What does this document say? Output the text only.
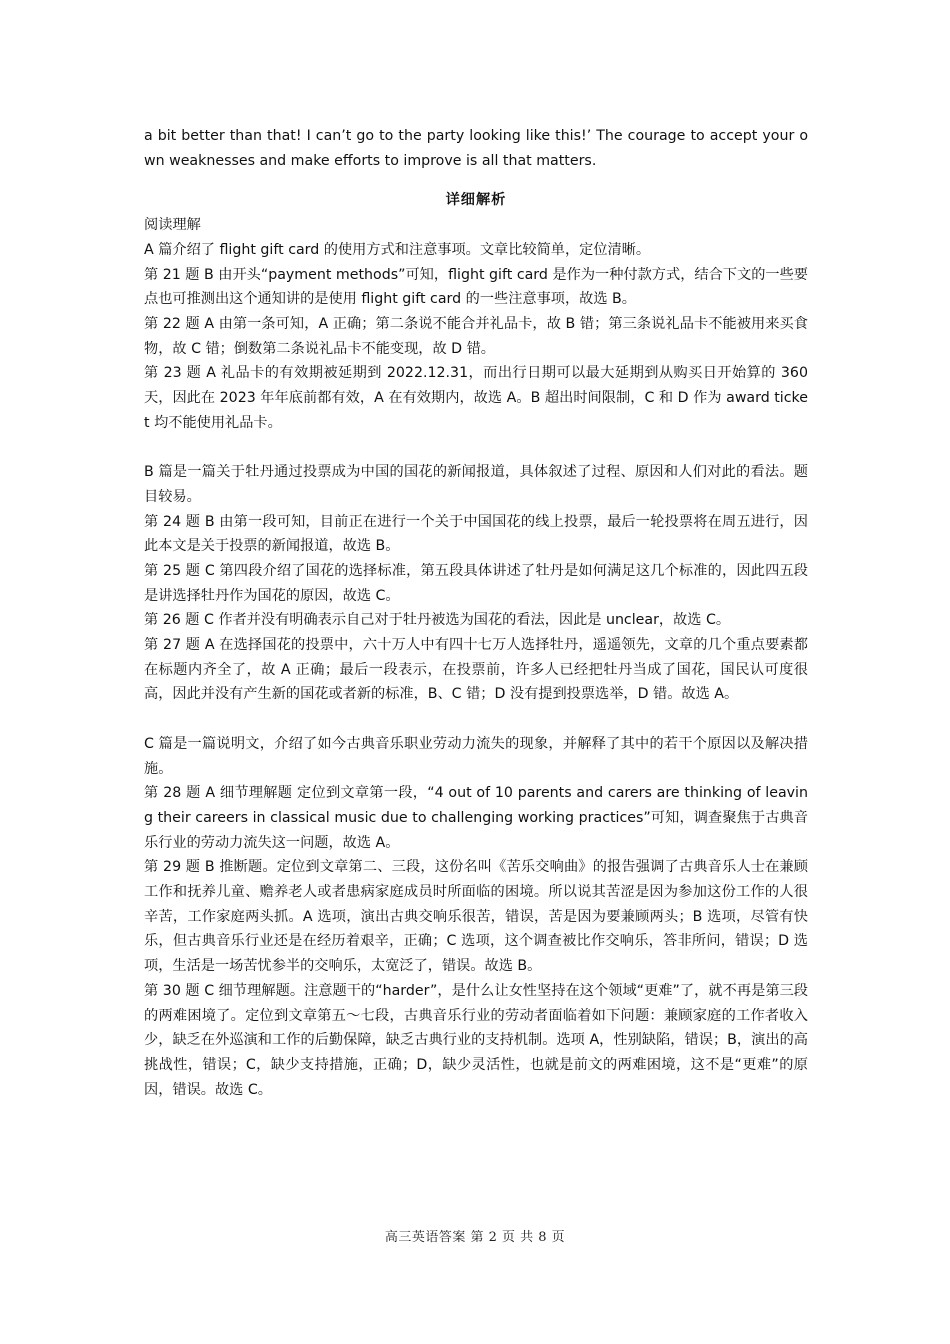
a bit better than that! I can’t go to the party looking like this!’ The courage to accept your own weaknesses and make efforts to improve is all that matters.

详细解析

阅读理解

A 篇介绍了 flight gift card 的使用方式和注意事项。文章比较简单，定位清晰。

第 21 题 B 由开头“payment methods”可知，flight gift card 是作为一种付款方式，结合下文的一些要点也可推测出这个通知讲的是使用 flight gift card 的一些注意事项，故选 B。

第 22 题 A 由第一条可知，A 正确；第二条说不能合并礼品卡，故 B 错；第三条说礼品卡不能被用来买食物，故 C 错；倒数第二条说礼品卡不能变现，故 D 错。

第 23 题 A 礼品卡的有效期被延期到 2022.12.31，而出行日期可以最大延期到从购买日开始算的 360 天，因此在 2023 年年底前都有效，A 在有效期内，故选 A。B 超出时间限制，C 和 D 作为 award ticket 均不能使用礼品卡。

B 篇是一篇关于牡丹通过投票成为中国的国花的新闻报道，具体叙述了过程、原因和人们对此的看法。题目较易。

第 24 题 B 由第一段可知，目前正在进行一个关于中国国花的线上投票，最后一轮投票将在周五进行，因此本文是关于投票的新闻报道，故选 B。

第 25 题 C 第四段介绍了国花的选择标准，第五段具体讲述了牡丹是如何满足这几个标准的，因此四五段是讲选择牡丹作为国花的原因，故选 C。

第 26 题 C 作者并没有明确表示自己对于牡丹被选为国花的看法，因此是 unclear，故选 C。

第 27 题 A 在选择国花的投票中，六十万人中有四十七万人选择牡丹，遥遥领先，文章的几个重点要素都在标题内齐全了，故 A 正确；最后一段表示，在投票前，许多人已经把牡丹当成了国花，国民认可度很高，因此并没有产生新的国花或者新的标准，B、C 错；D 没有提到投票选举，D 错。故选 A。

C 篇是一篇说明文，介绍了如今古典音乐职业劳动力流失的现象，并解释了其中的若干个原因以及解决措施。

第 28 题 A 细节理解题 定位到文章第一段，“4 out of 10 parents and carers are thinking of leaving their careers in classical music due to challenging working practices”可知，调查聚焦于古典音乐行业的劳动力流失这一问题，故选 A。

第 29 题 B 推断题。定位到文章第二、三段，这份名叫《苦乐交响曲》的报告强调了古典音乐人士在兼顾工作和抚养儿童、赡养老人或者患病家庭成员时所面临的困境。所以说其苦涩是因为参加这份工作的人很辛苦，工作家庭两头抓。A 选项，演出古典交响乐很苦，错误，苦是因为要兼顾两头；B 选项，尽管有快乐，但古典音乐行业还是在经历着艰辛，正确；C 选项，这个调查被比作交响乐，答非所问，错误；D 选项，生活是一场苦忧参半的交响乐，太宽泛了，错误。故选 B。

第 30 题 C 细节理解题。注意题干的“harder”，是什么让女性坚持在这个领域“更难”了，就不再是第三段的两难困境了。定位到文章第五～七段，古典音乐行业的劳动者面临着如下问题：兼顾家庭的工作者收入少，缺乏在外巡演和工作的后勤保障，缺乏古典行业的支持机制。选项 A，性别缺陷，错误；B，演出的高挑战性，错误；C，缺少支持措施，正确；D，缺少灵活性，也就是前文的两难困境，这不是“更难”的原因，错误。故选 C。

高三英语答案 第 2 页 共 8 页
